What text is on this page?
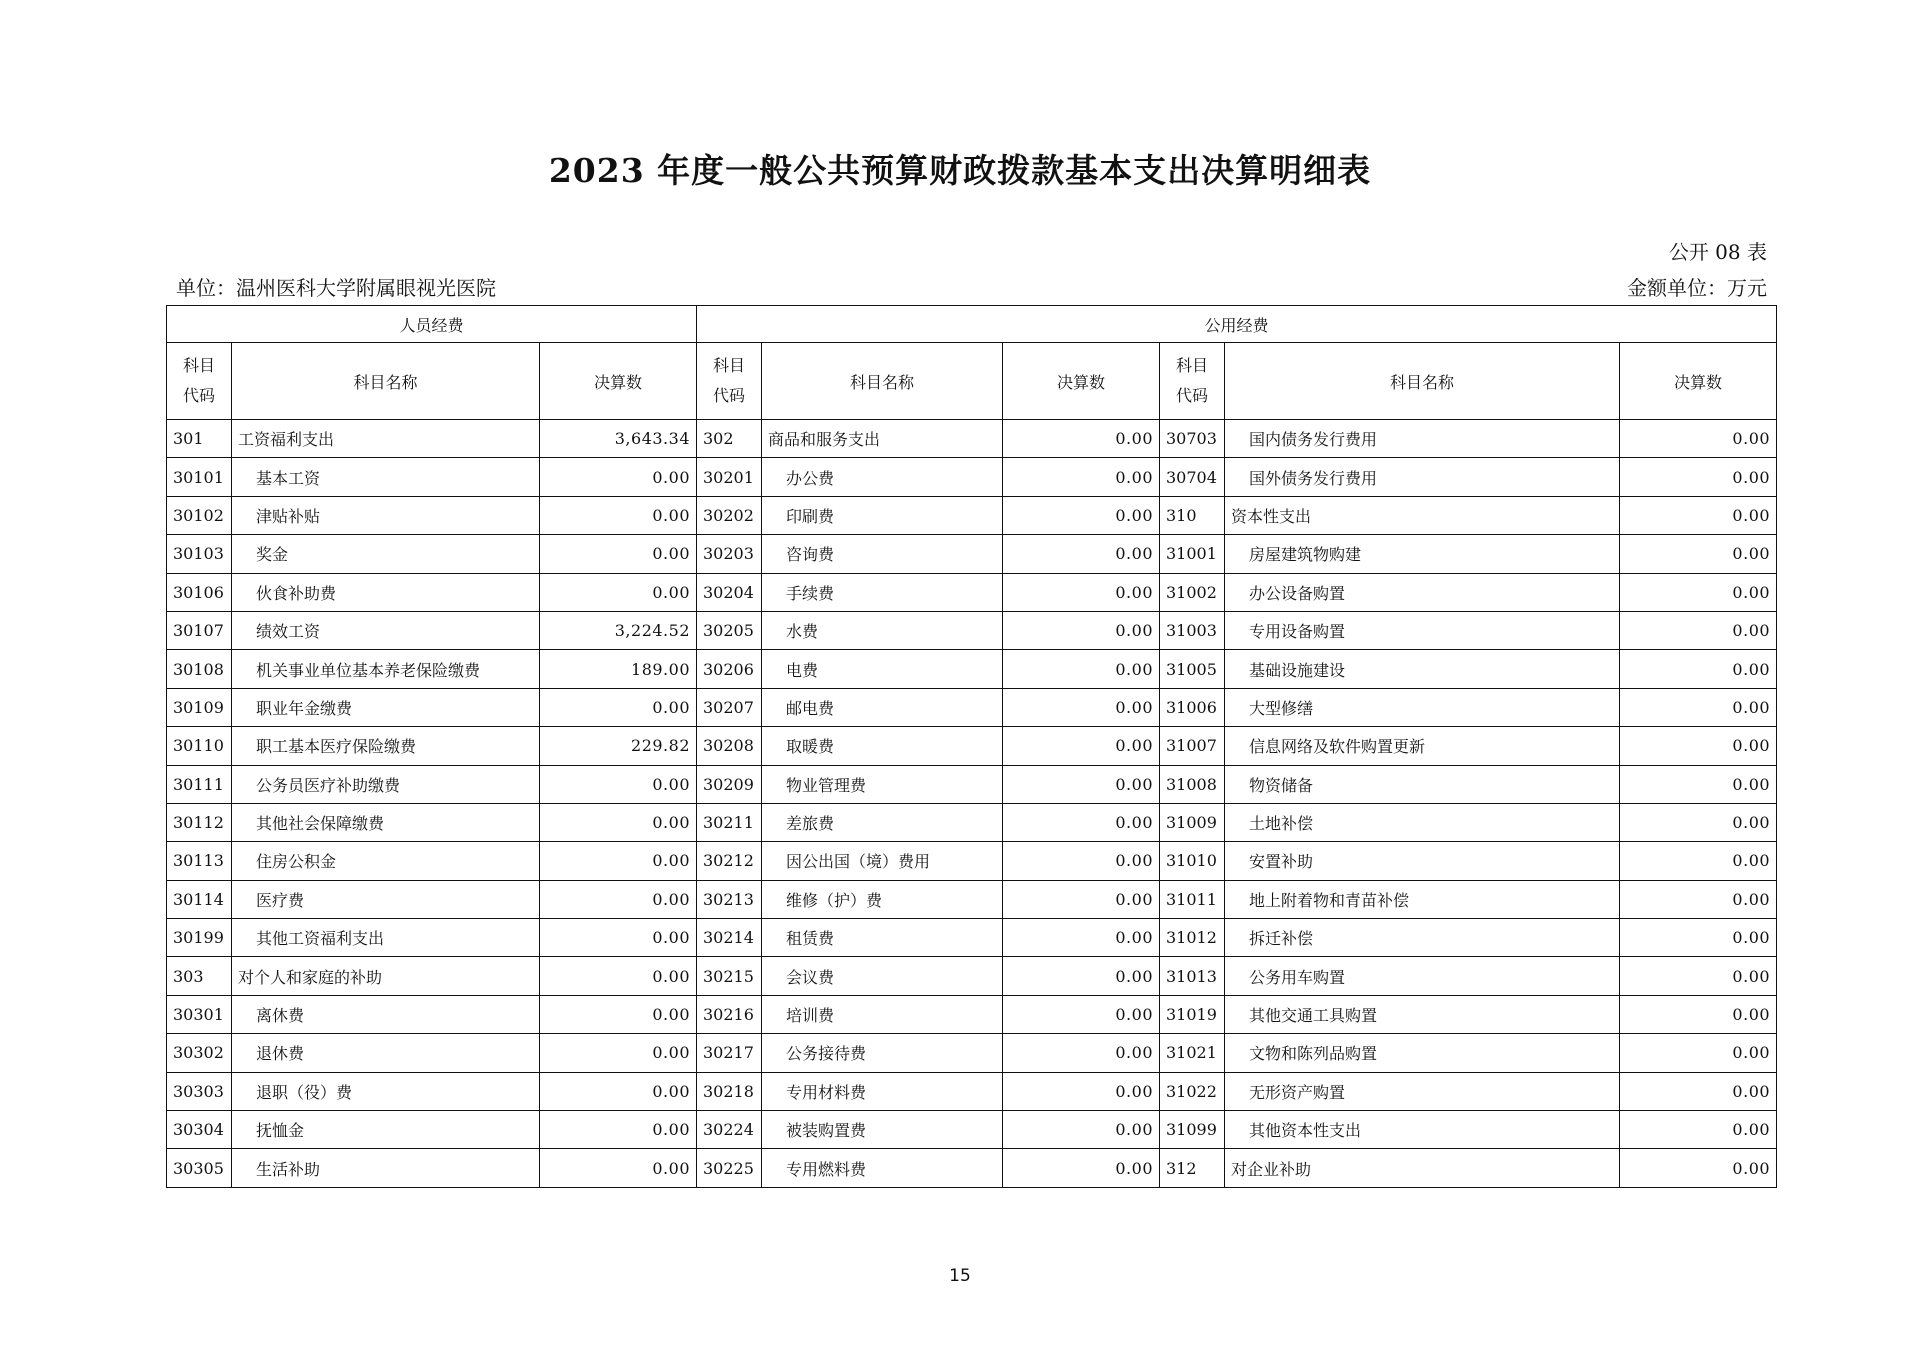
2023 年度一般公共预算财政拨款基本支出决算明细表
公开 08 表
单位：温州医科大学附属眼视光医院	金额单位：万元
人员经费			公用经费					
科目
代码	科目名称	决算数	科目
代码	科目名称	决算数	科目
代码	科目名称	决算数
301	工资福利支出	3,643.34	302	商品和服务支出	0.00	30703	国内债务发行费用	0.00
30101	基本工资	0.00	30201	办公费	0.00	30704	国外债务发行费用	0.00
30102	津贴补贴	0.00	30202	印刷费	0.00	310	资本性支出	0.00
30103	奖金	0.00	30203	咨询费	0.00	31001	房屋建筑物购建	0.00
30106	伙食补助费	0.00	30204	手续费	0.00	31002	办公设备购置	0.00
30107	绩效工资	3,224.52	30205	水费	0.00	31003	专用设备购置	0.00
30108	机关事业单位基本养老保险缴费	189.00	30206	电费	0.00	31005	基础设施建设	0.00
30109	职业年金缴费	0.00	30207	邮电费	0.00	31006	大型修缮	0.00
30110	职工基本医疗保险缴费	229.82	30208	取暖费	0.00	31007	信息网络及软件购置更新	0.00
30111	公务员医疗补助缴费	0.00	30209	物业管理费	0.00	31008	物资储备	0.00
30112	其他社会保障缴费	0.00	30211	差旅费	0.00	31009	土地补偿	0.00
30113	住房公积金	0.00	30212	因公出国（境）费用	0.00	31010	安置补助	0.00
30114	医疗费	0.00	30213	维修（护）费	0.00	31011	地上附着物和青苗补偿	0.00
30199	其他工资福利支出	0.00	30214	租赁费	0.00	31012	拆迁补偿	0.00
303	对个人和家庭的补助	0.00	30215	会议费	0.00	31013	公务用车购置	0.00
30301	离休费	0.00	30216	培训费	0.00	31019	其他交通工具购置	0.00
30302	退休费	0.00	30217	公务接待费	0.00	31021	文物和陈列品购置	0.00
30303	退职（役）费	0.00	30218	专用材料费	0.00	31022	无形资产购置	0.00
30304	抚恤金	0.00	30224	被装购置费	0.00	31099	其他资本性支出	0.00
30305	生活补助	0.00	30225	专用燃料费	0.00	312	对企业补助	0.00
15
